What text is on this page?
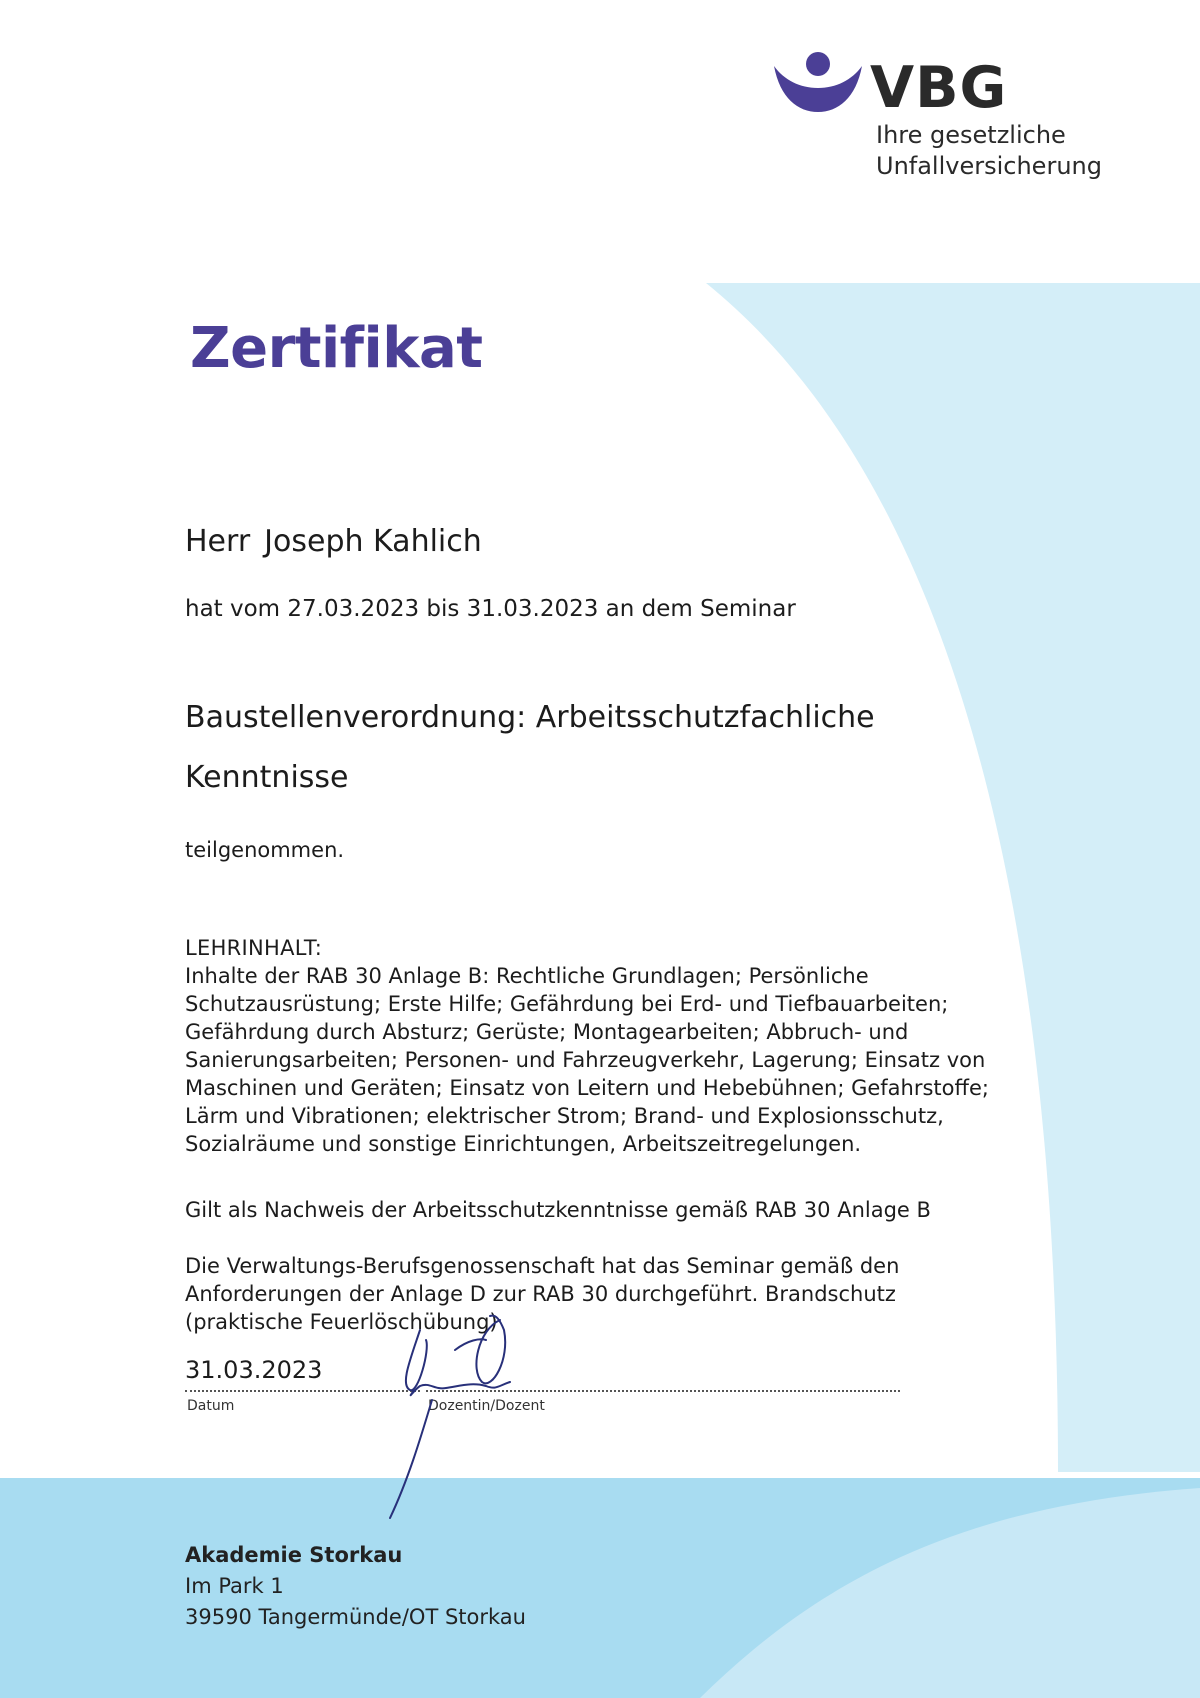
VBG
Ihre gesetzliche
Unfallversicherung
Zertifikat
Herr Joseph Kahlich
hat vom 27.03.2023 bis 31.03.2023 an dem Seminar
Baustellenverordnung: Arbeitsschutzfachliche
Kenntnisse
teilgenommen.
LEHRINHALT:
Inhalte der RAB 30 Anlage B: Rechtliche Grundlagen; Persönliche Schutzausrüstung; Erste Hilfe; Gefährdung bei Erd- und Tiefbauarbeiten; Gefährdung durch Absturz; Gerüste; Montagearbeiten; Abbruch- und Sanierungsarbeiten; Personen- und Fahrzeugverkehr, Lagerung; Einsatz von Maschinen und Geräten; Einsatz von Leitern und Hebebühnen; Gefahrstoffe; Lärm und Vibrationen; elektrischer Strom; Brand- und Explosionsschutz, Sozialräume und sonstige Einrichtungen, Arbeitszeitregelungen.
Gilt als Nachweis der Arbeitsschutzkenntnisse gemäß RAB 30 Anlage B
Die Verwaltungs-Berufsgenossenschaft hat das Seminar gemäß den Anforderungen der Anlage D zur RAB 30 durchgeführt. Brandschutz (praktische Feuerlöschübung)
31.03.2023
Datum	Dozentin/Dozent
Akademie Storkau
Im Park 1
39590 Tangermünde/OT Storkau
